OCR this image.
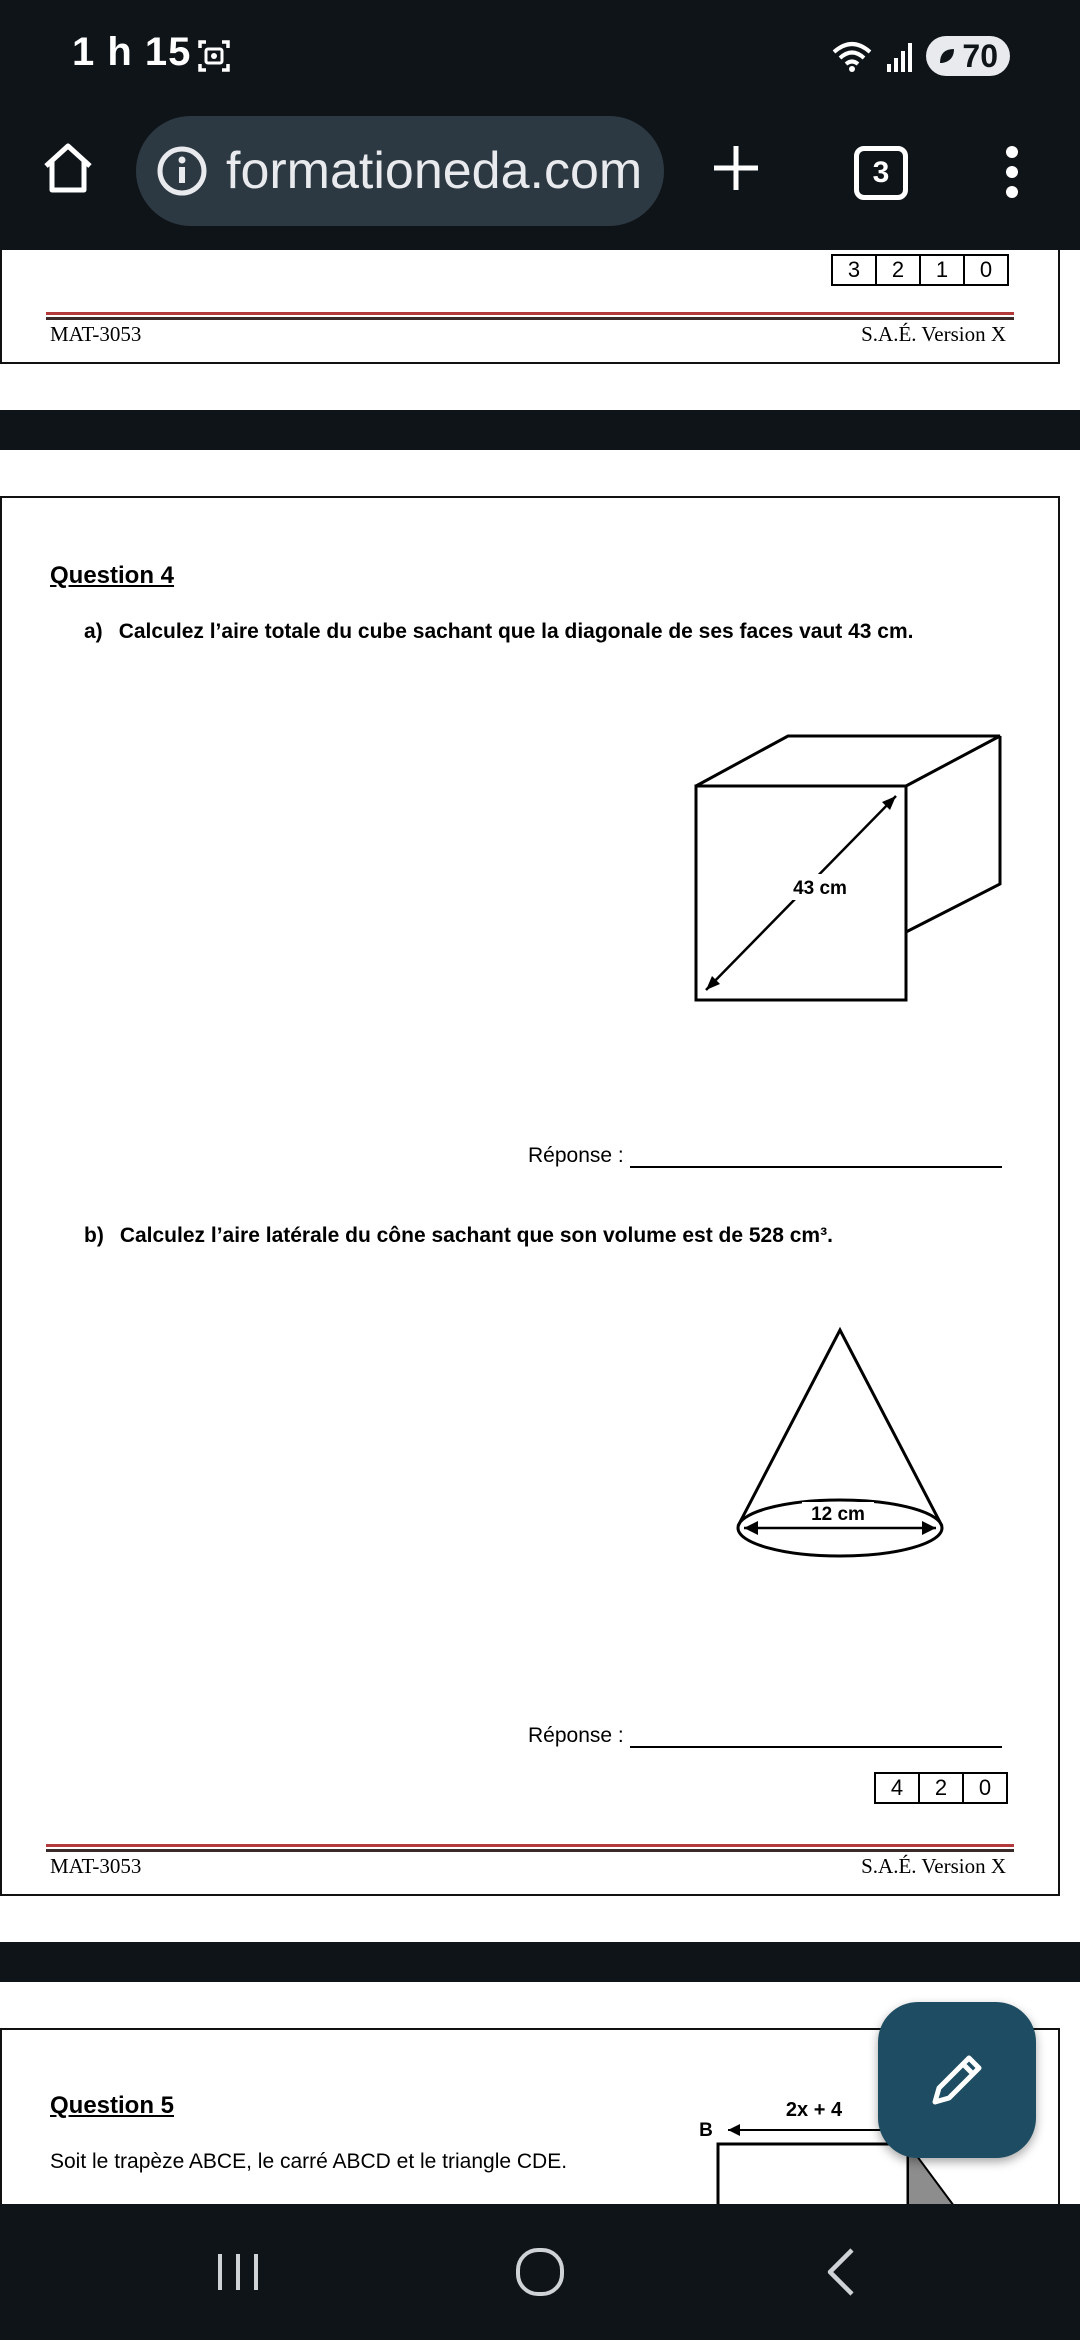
1 h 15	70
formationeda.com	3
3	2	1	0
MAT-3053	S.A.É. Version X
Question 4
a) Calculez l’aire totale du cube sachant que la diagonale de ses faces vaut 43 cm.
43 cm
Réponse :
b) Calculez l’aire latérale du cône sachant que son volume est de 528 cm³.
12 cm
Réponse :
4	2	0
MAT-3053	S.A.É. Version X
Question 5
Soit le trapèze ABCE, le carré ABCD et le triangle CDE.
2x + 4
B
